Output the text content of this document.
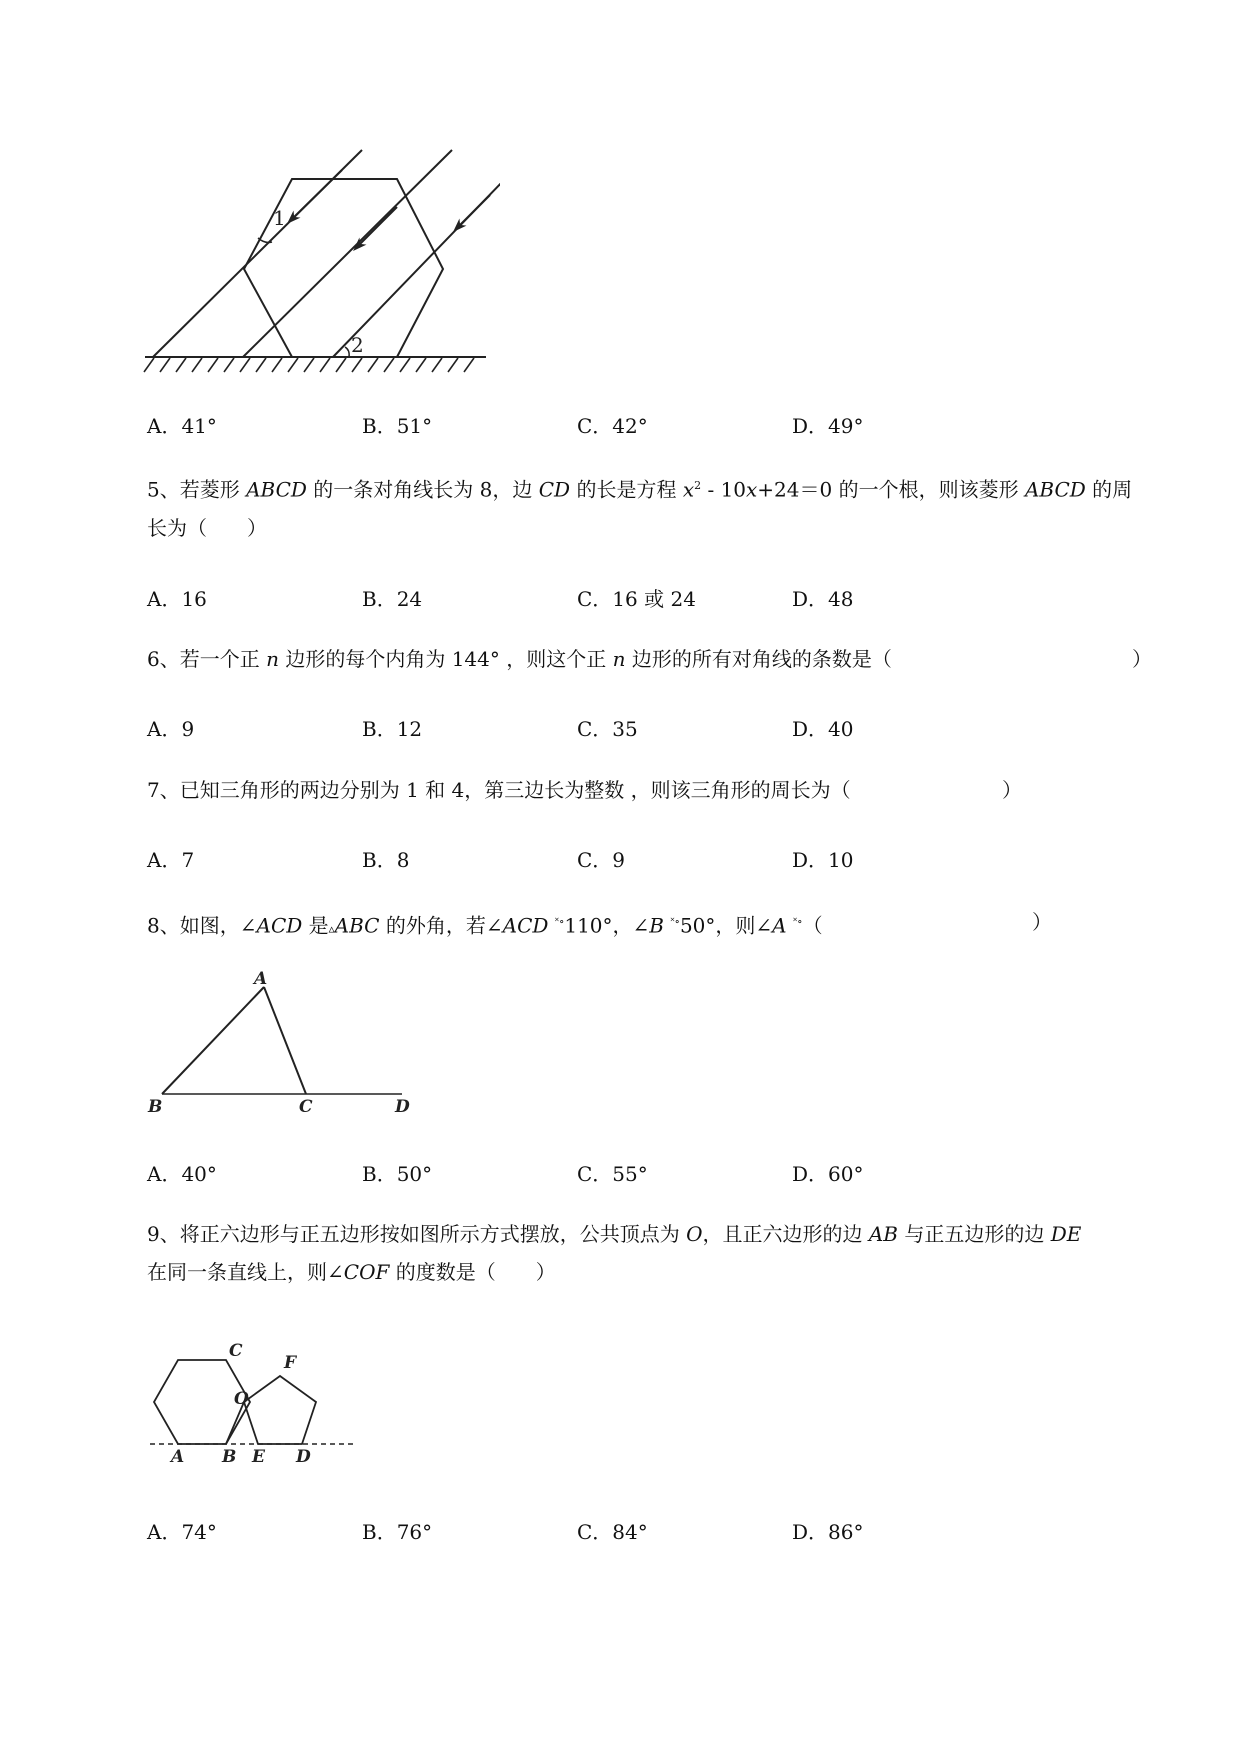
1
2
A．41°	B．51°	C．42°	D．49°
5、若菱形 ABCD 的一条对角线长为 8，边 CD 的长是方程 $x^2 - 10x+24=0$ 的一个根，则该菱形 ABCD 的周长为（　　）
A．16	B．24	C．16 或 24	D．48
6、若一个正 n 边形的每个内角为 144° ，则这个正 n 边形的所有对角线的条数是（	）
A．9	B．12	C．35	D．40
7、已知三角形的两边分别为 1 和 4，第三边长为整数 ，则该三角形的周长为（	）
A．7	B．8	C．9	D．10
8、如图，∠ACD 是▵ABC 的外角，若∠ACD ˟∘110°，∠B ˟∘50°，则∠A ˟∘（	）
A
B	C	D
A．40°	B．50°	C．55°	D．60°
9、将正六边形与正五边形按如图所示方式摆放，公共顶点为 O，且正六边形的边 AB 与正五边形的边 DE
在同一条直线上，则∠COF 的度数是（　　）
C
F
O
A B E D
A．74°	B．76°	C．84°	D．86°
